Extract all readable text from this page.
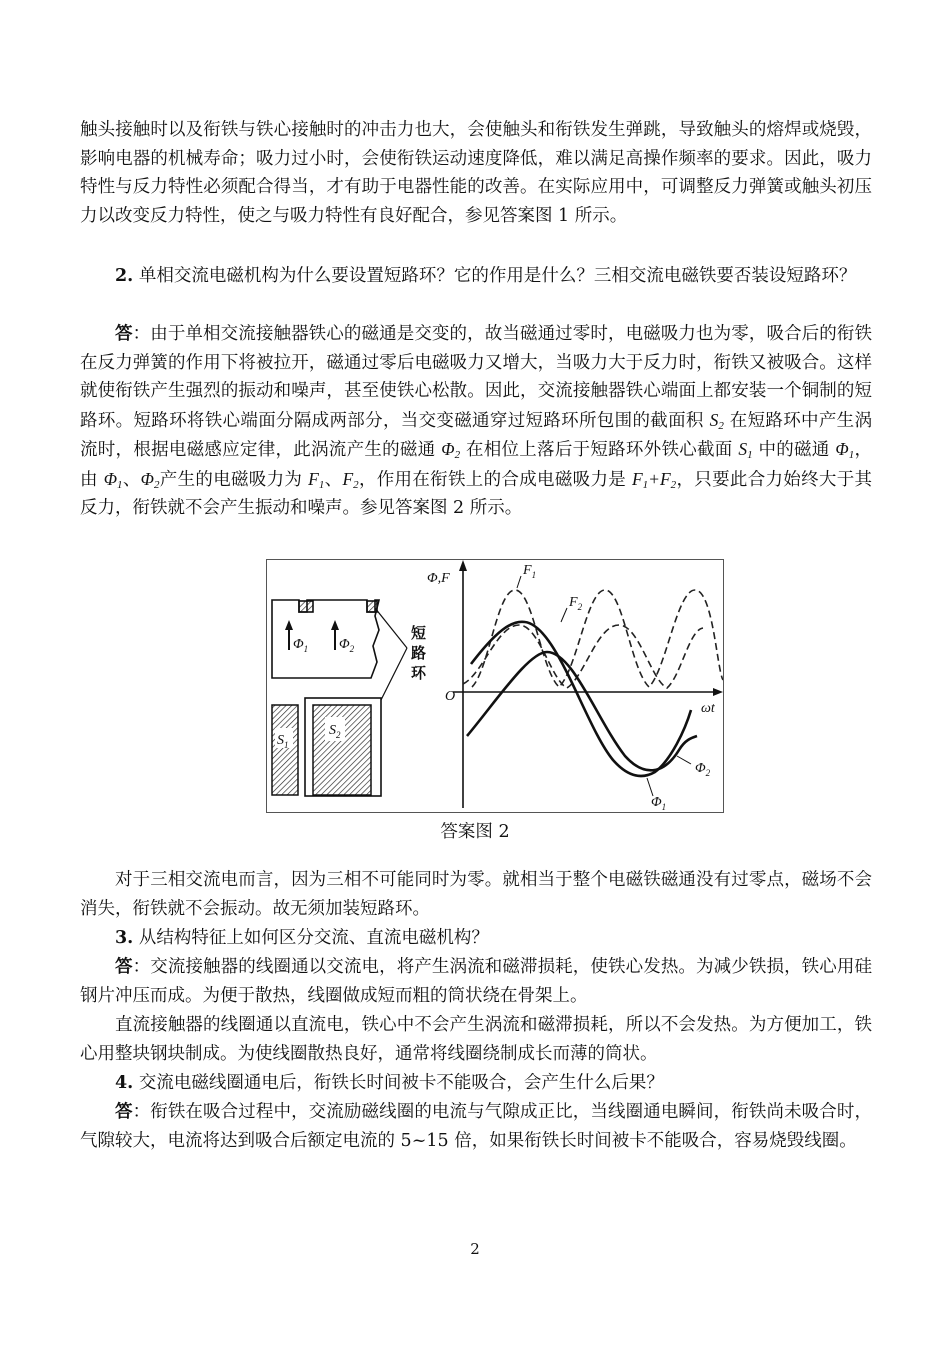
触头接触时以及衔铁与铁心接触时的冲击力也大，会使触头和衔铁发生弹跳，导致触头的熔焊或烧毁，影响电器的机械寿命；吸力过小时，会使衔铁运动速度降低，难以满足高操作频率的要求。因此，吸力特性与反力特性必须配合得当，才有助于电器性能的改善。在实际应用中，可调整反力弹簧或触头初压力以改变反力特性，使之与吸力特性有良好配合，参见答案图 1 所示。

2. 单相交流电磁机构为什么要设置短路环？它的作用是什么？三相交流电磁铁要否装设短路环？

答：由于单相交流接触器铁心的磁通是交变的，故当磁通过零时，电磁吸力也为零，吸合后的衔铁在反力弹簧的作用下将被拉开，磁通过零后电磁吸力又增大，当吸力大于反力时，衔铁又被吸合。这样就使衔铁产生强烈的振动和噪声，甚至使铁心松散。因此，交流接触器铁心端面上都安装一个铜制的短路环。短路环将铁心端面分隔成两部分，当交变磁通穿过短路环所包围的截面积 $S_2$ 在短路环中产生涡流时，根据电磁感应定律，此涡流产生的磁通 $\Phi_2$ 在相位上落后于短路环外铁心截面 $S_1$ 中的磁通 $\Phi_1$，由 $\Phi_1$、$\Phi_2$产生的电磁吸力为 $F_1$、$F_2$，作用在衔铁上的合成电磁吸力是 $F_1+F_2$，只要此合力始终大于其反力，衔铁就不会产生振动和噪声。参见答案图 2 所示。

Φ,F
O
ωt
$F_1$
$F_2$
$\Phi_2$
$\Phi_1$
$\Phi_1$ $\Phi_2$
$S_1$
$S_2$
短
路
环
答案图 2

对于三相交流电而言，因为三相不可能同时为零。就相当于整个电磁铁磁通没有过零点，磁场不会消失，衔铁就不会振动。故无须加装短路环。

3. 从结构特征上如何区分交流、直流电磁机构？

答：交流接触器的线圈通以交流电，将产生涡流和磁滞损耗，使铁心发热。为减少铁损，铁心用硅钢片冲压而成。为便于散热，线圈做成短而粗的筒状绕在骨架上。

直流接触器的线圈通以直流电，铁心中不会产生涡流和磁滞损耗，所以不会发热。为方便加工，铁心用整块钢块制成。为使线圈散热良好，通常将线圈绕制成长而薄的筒状。

4. 交流电磁线圈通电后，衔铁长时间被卡不能吸合，会产生什么后果？

答：衔铁在吸合过程中，交流励磁线圈的电流与气隙成正比，当线圈通电瞬间，衔铁尚未吸合时，气隙较大，电流将达到吸合后额定电流的 5~15 倍，如果衔铁长时间被卡不能吸合，容易烧毁线圈。

2
